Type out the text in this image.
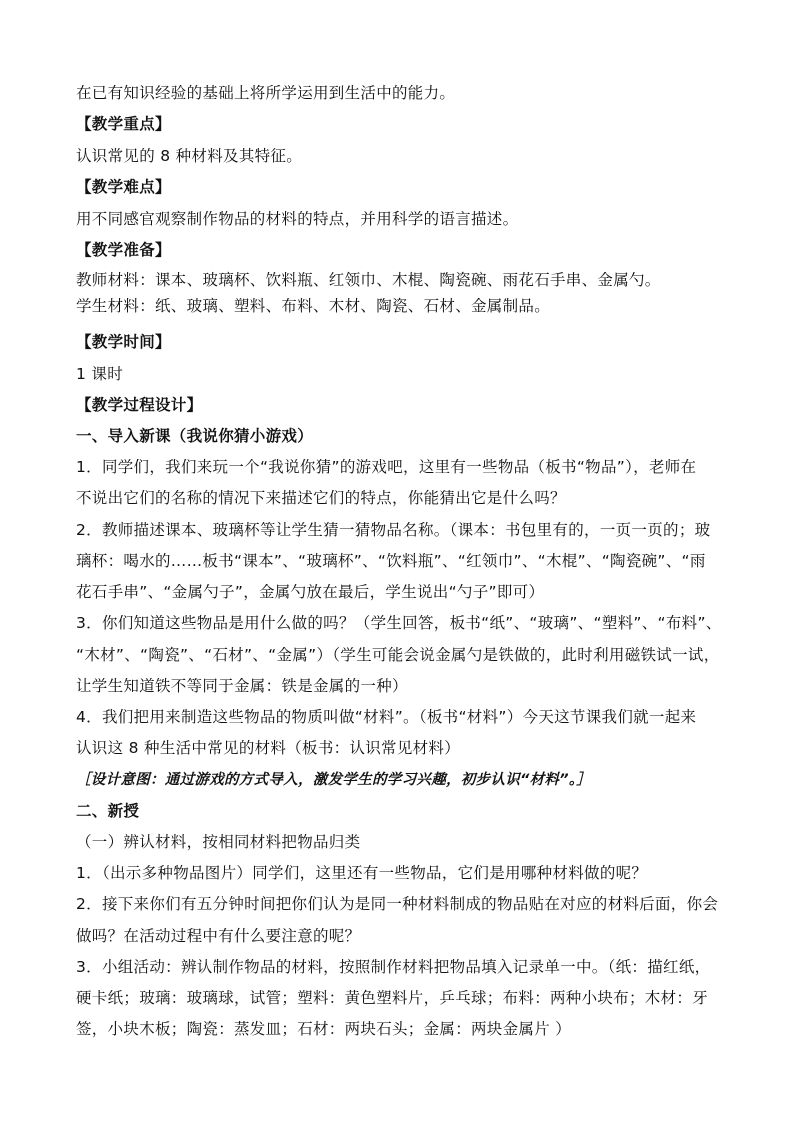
在已有知识经验的基础上将所学运用到生活中的能力。
【教学重点】
认识常见的 8 种材料及其特征。
【教学难点】
用不同感官观察制作物品的材料的特点，并用科学的语言描述。
【教学准备】
教师材料：课本、玻璃杯、饮料瓶、红领巾、木棍、陶瓷碗、雨花石手串、金属勺。
学生材料：纸、玻璃、塑料、布料、木材、陶瓷、石材、金属制品。
【教学时间】
1 课时
【教学过程设计】
一、导入新课（我说你猜小游戏）
1．同学们，我们来玩一个“我说你猜”的游戏吧，这里有一些物品（板书“物品”），老师在
不说出它们的名称的情况下来描述它们的特点，你能猜出它是什么吗？
2．教师描述课本、玻璃杯等让学生猜一猜物品名称。（课本：书包里有的，一页一页的；玻
璃杯：喝水的……板书“课本”、“玻璃杯”、“饮料瓶”、“红领巾”、“木棍”、“陶瓷碗”、“雨
花石手串”、“金属勺子”，金属勺放在最后，学生说出“勺子”即可）
3．你们知道这些物品是用什么做的吗？（学生回答，板书“纸”、“玻璃”、“塑料”、“布料”、
“木材”、“陶瓷”、“石材”、“金属”）（学生可能会说金属勺是铁做的，此时利用磁铁试一试，
让学生知道铁不等同于金属：铁是金属的一种）
4．我们把用来制造这些物品的物质叫做“材料”。（板书“材料”）今天这节课我们就一起来
认识这 8 种生活中常见的材料（板书：认识常见材料）
［设计意图：通过游戏的方式导入，激发学生的学习兴趣，初步认识“材料”。］
二、新授
（一）辨认材料，按相同材料把物品归类
1．（出示多种物品图片）同学们，这里还有一些物品，它们是用哪种材料做的呢？
2．接下来你们有五分钟时间把你们认为是同一种材料制成的物品贴在对应的材料后面，你会
做吗？在活动过程中有什么要注意的呢？
3．小组活动：辨认制作物品的材料，按照制作材料把物品填入记录单一中。（纸：描红纸，
硬卡纸；玻璃：玻璃球，试管；塑料：黄色塑料片，乒乓球；布料：两种小块布；木材：牙
签，小块木板；陶瓷：蒸发皿；石材：两块石头；金属：两块金属片 ）
